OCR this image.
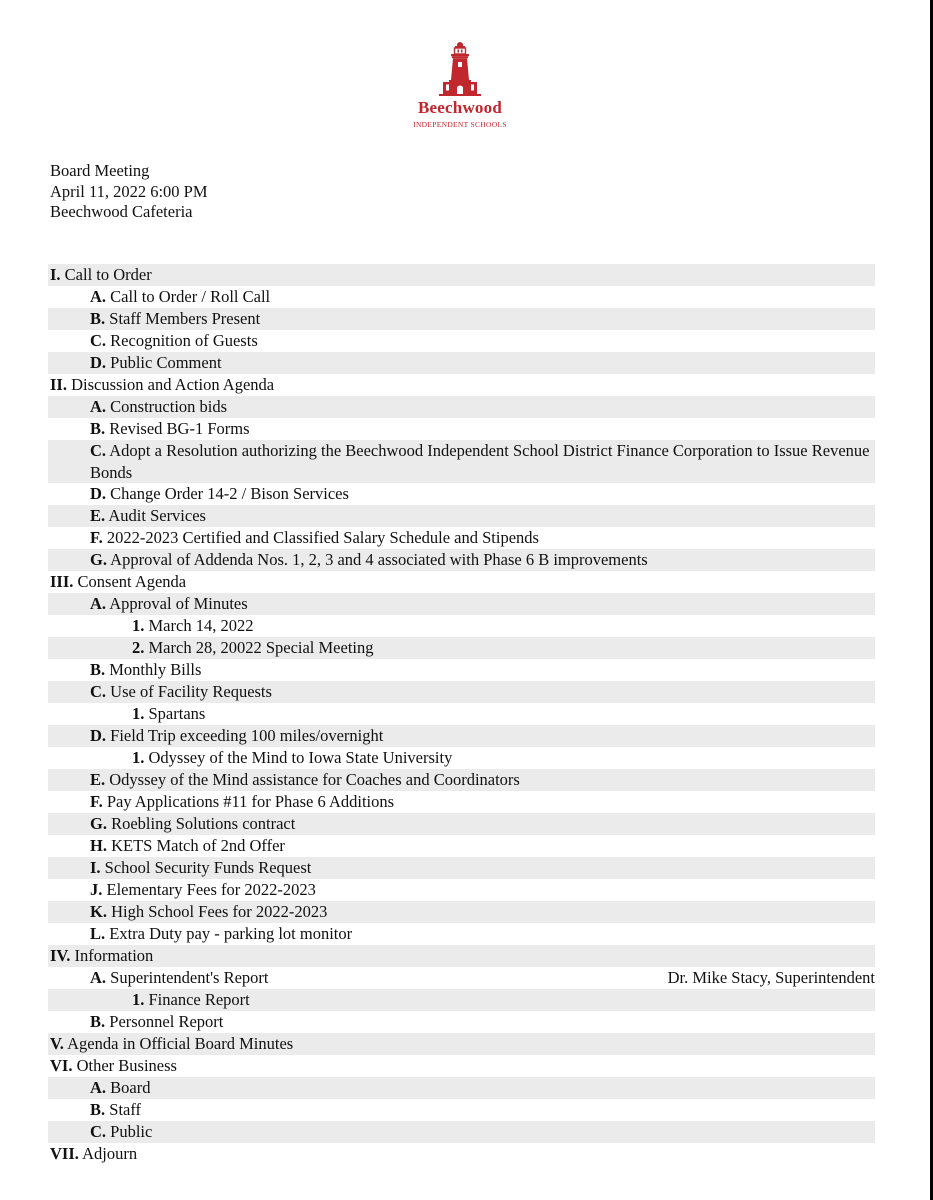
Beechwood
INDEPENDENT SCHOOLS
Board Meeting
April 11, 2022 6:00 PM
Beechwood Cafeteria
I. Call to Order
A. Call to Order / Roll Call
B. Staff Members Present
C. Recognition of Guests
D. Public Comment
II. Discussion and Action Agenda
A. Construction bids
B. Revised BG-1 Forms
C. Adopt a Resolution authorizing the Beechwood Independent School District Finance Corporation to Issue Revenue Bonds
D. Change Order 14-2 / Bison Services
E. Audit Services
F. 2022-2023 Certified and Classified Salary Schedule and Stipends
G. Approval of Addenda Nos. 1, 2, 3 and 4 associated with Phase 6 B improvements
III. Consent Agenda
A. Approval of Minutes
1. March 14, 2022
2. March 28, 20022 Special Meeting
B. Monthly Bills
C. Use of Facility Requests
1. Spartans
D. Field Trip exceeding 100 miles/overnight
1. Odyssey of the Mind to Iowa State University
E. Odyssey of the Mind assistance for Coaches and Coordinators
F. Pay Applications #11 for Phase 6 Additions
G. Roebling Solutions contract
H. KETS Match of 2nd Offer
I. School Security Funds Request
J. Elementary Fees for 2022-2023
K. High School Fees for 2022-2023
L. Extra Duty pay - parking lot monitor
IV. Information
A. Superintendent's Report	Dr. Mike Stacy, Superintendent
1. Finance Report
B. Personnel Report
V. Agenda in Official Board Minutes
VI. Other Business
A. Board
B. Staff
C. Public
VII. Adjourn
